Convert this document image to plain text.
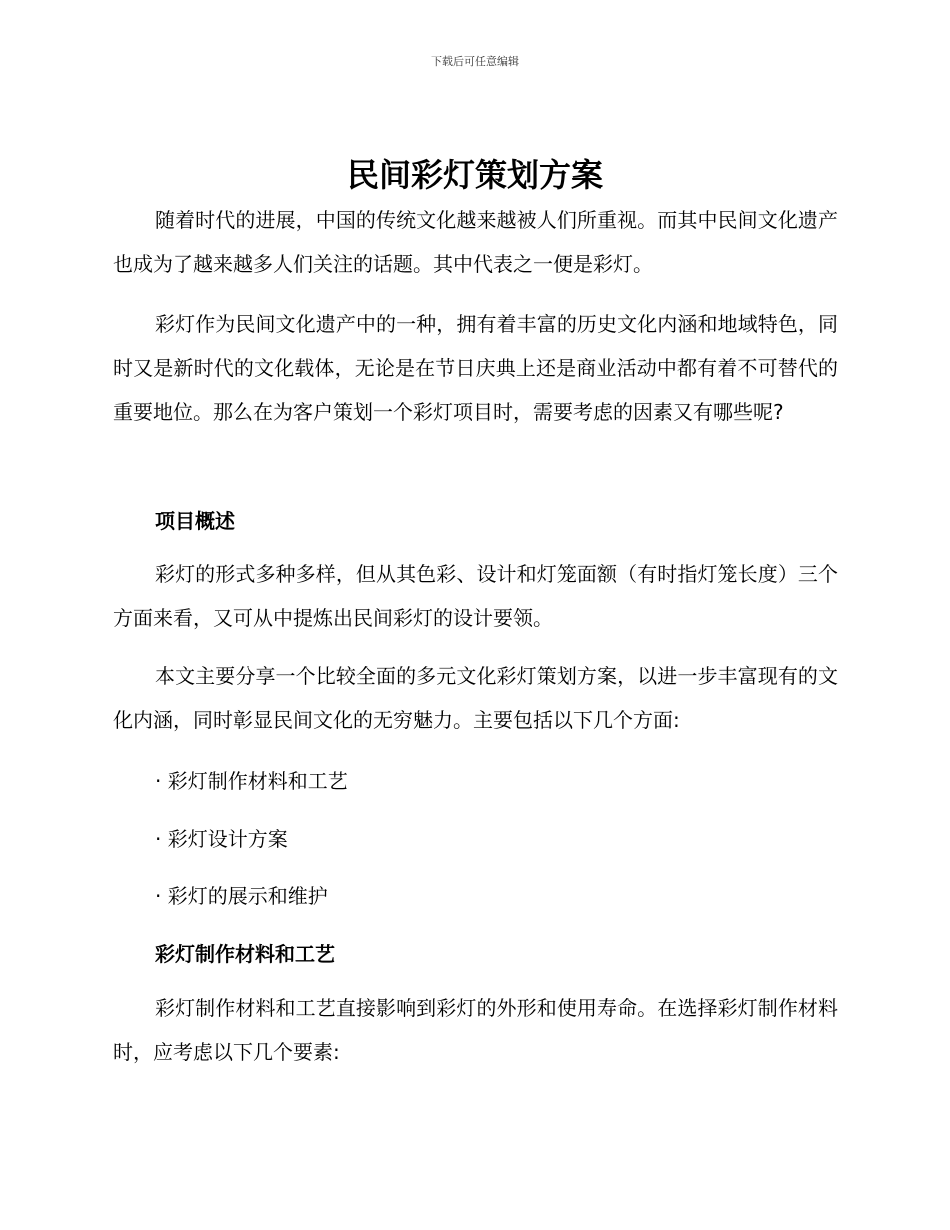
下载后可任意编辑
民间彩灯策划方案
随着时代的进展，中国的传统文化越来越被人们所重视。而其中民间文化遗产也成为了越来越多人们关注的话题。其中代表之一便是彩灯。
彩灯作为民间文化遗产中的一种，拥有着丰富的历史文化内涵和地域特色，同时又是新时代的文化载体，无论是在节日庆典上还是商业活动中都有着不可替代的重要地位。那么在为客户策划一个彩灯项目时，需要考虑的因素又有哪些呢?
项目概述
彩灯的形式多种多样，但从其色彩、设计和灯笼面额（有时指灯笼长度）三个方面来看，又可从中提炼出民间彩灯的设计要领。
本文主要分享一个比较全面的多元文化彩灯策划方案，以进一步丰富现有的文化内涵，同时彰显民间文化的无穷魅力。主要包括以下几个方面:
· 彩灯制作材料和工艺
· 彩灯设计方案
· 彩灯的展示和维护
彩灯制作材料和工艺
彩灯制作材料和工艺直接影响到彩灯的外形和使用寿命。在选择彩灯制作材料时，应考虑以下几个要素:
